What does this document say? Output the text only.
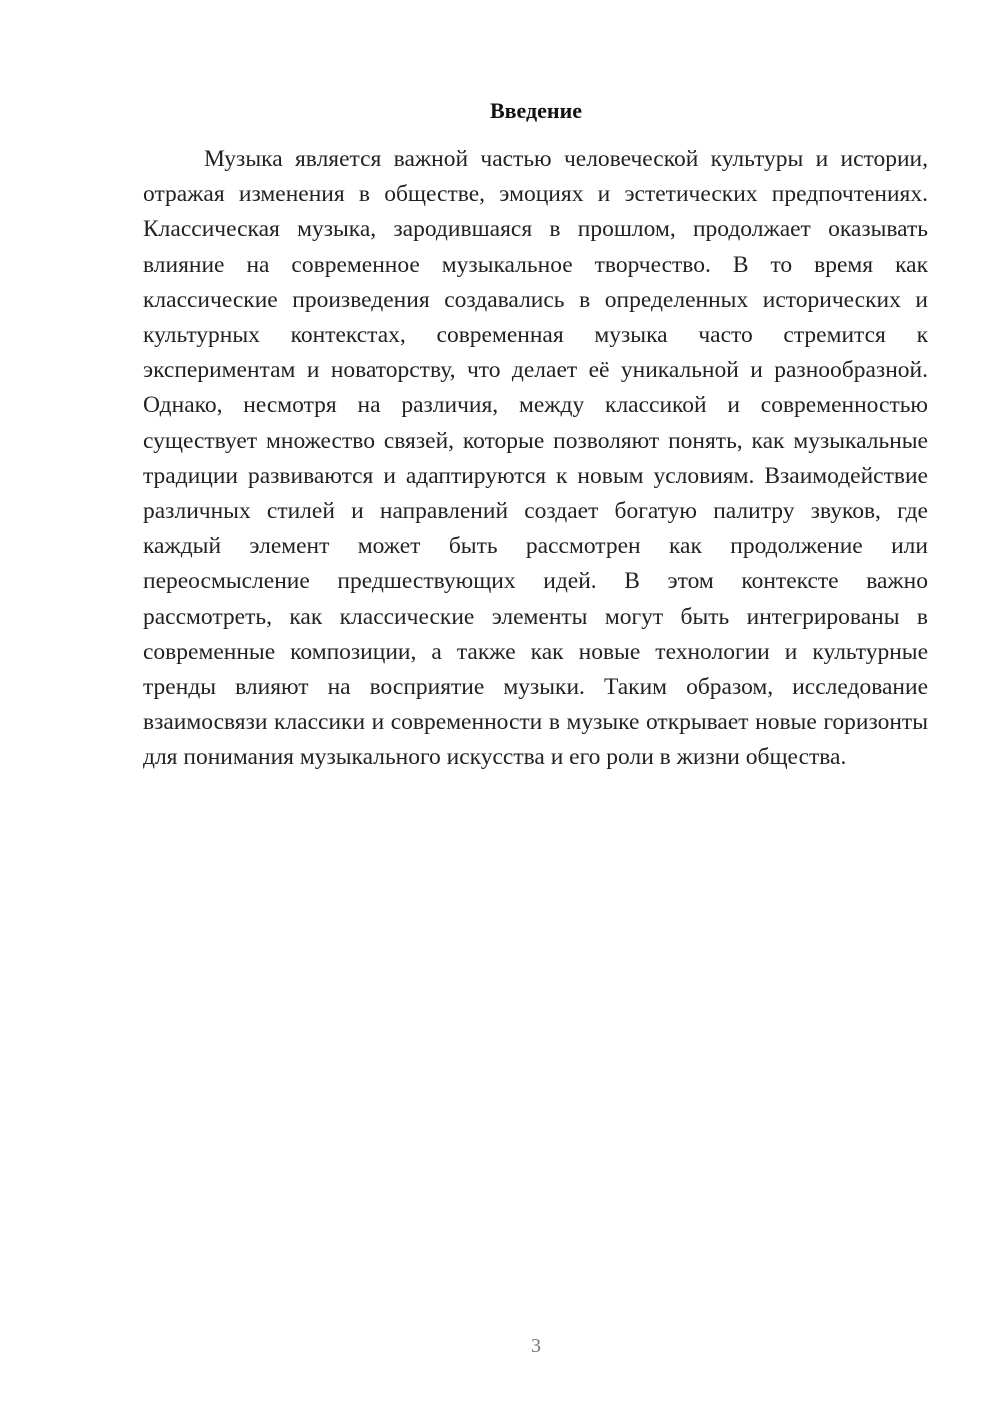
Введение

Музыка является важной частью человеческой культуры и истории, отражая изменения в обществе, эмоциях и эстетических предпочтениях. Классическая музыка, зародившаяся в прошлом, продолжает оказывать влияние на современное музыкальное творчество. В то время как классические произведения создавались в определенных исторических и культурных контекстах, современная музыка часто стремится к экспериментам и новаторству, что делает её уникальной и разнообразной. Однако, несмотря на различия, между классикой и современностью существует множество связей, которые позволяют понять, как музыкальные традиции развиваются и адаптируются к новым условиям. Взаимодействие различных стилей и направлений создает богатую палитру звуков, где каждый элемент может быть рассмотрен как продолжение или переосмысление предшествующих идей. В этом контексте важно рассмотреть, как классические элементы могут быть интегрированы в современные композиции, а также как новые технологии и культурные тренды влияют на восприятие музыки. Таким образом, исследование взаимосвязи классики и современности в музыке открывает новые горизонты для понимания музыкального искусства и его роли в жизни общества.

3
